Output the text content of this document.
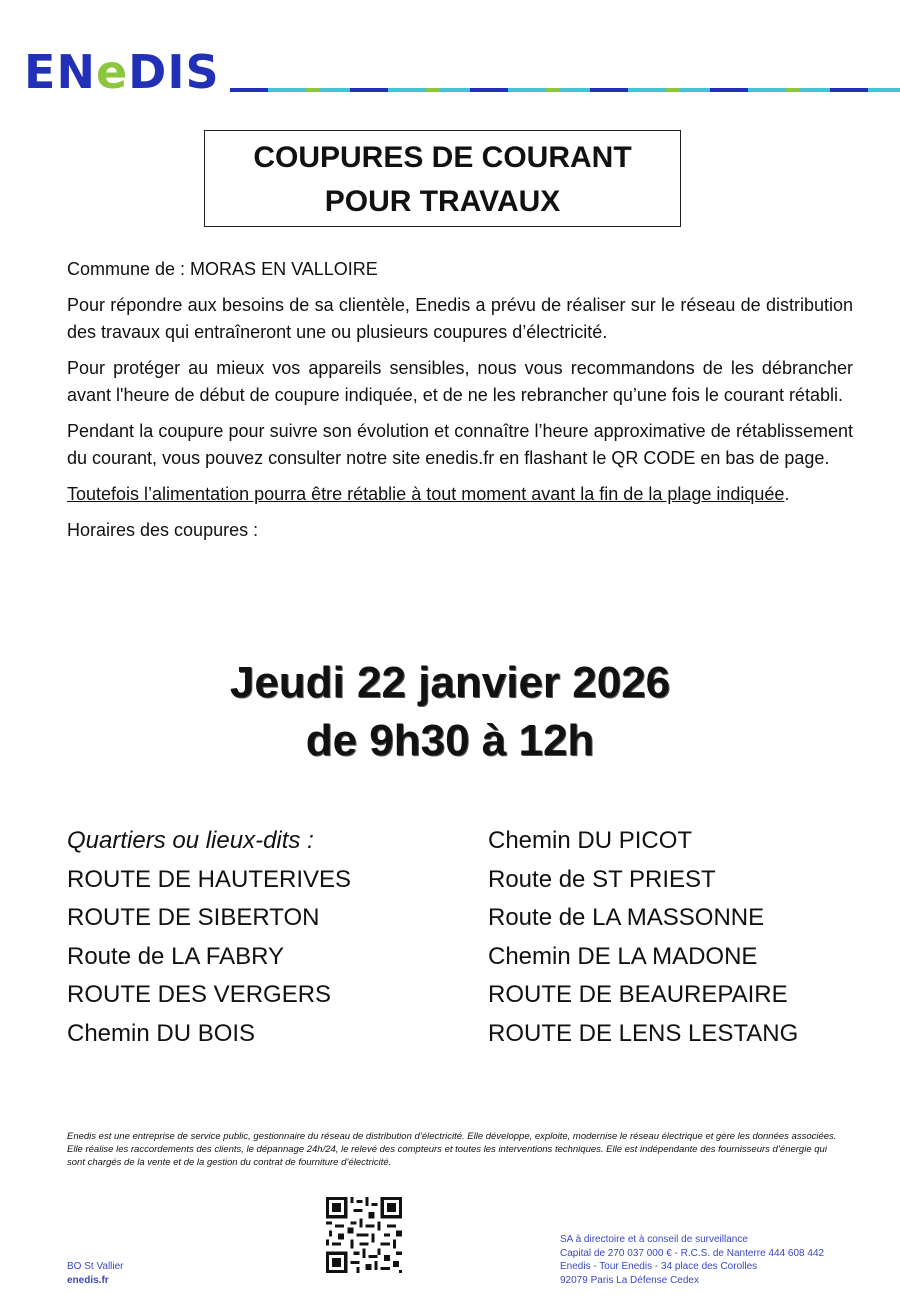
ENeDIS
COUPURES DE COURANT
POUR TRAVAUX

Commune de : MORAS EN VALLOIRE

Pour répondre aux besoins de sa clientèle, Enedis a prévu de réaliser sur le réseau de distribution des travaux qui entraîneront une ou plusieurs coupures d’électricité.

Pour protéger au mieux vos appareils sensibles, nous vous recommandons de les débrancher avant l'heure de début de coupure indiquée, et de ne les rebrancher qu’une fois le courant rétabli.

Pendant la coupure pour suivre son évolution et connaître l’heure approximative de rétablissement du courant, vous pouvez consulter notre site enedis.fr en flashant le QR CODE en bas de page.

Toutefois l’alimentation pourra être rétablie à tout moment avant la fin de la plage indiquée.

Horaires des coupures :

Jeudi 22 janvier 2026
de 9h30 à 12h
Quartiers ou lieux-dits :
ROUTE DE HAUTERIVES
ROUTE DE SIBERTON
Route de LA FABRY
ROUTE DES VERGERS
Chemin DU BOIS
Chemin DU PICOT
Route de ST PRIEST
Route de LA MASSONNE
Chemin DE LA MADONE
ROUTE DE BEAUREPAIRE
ROUTE DE LENS LESTANG
Enedis est une entreprise de service public, gestionnaire du réseau de distribution d’électricité. Elle développe, exploite, modernise le réseau électrique et gère les données associées. Elle réalise les raccordements des clients, le dépannage 24h/24, le relevé des compteurs et toutes les interventions techniques. Elle est indépendante des fournisseurs d’énergie qui sont chargés de la vente et de la gestion du contrat de fourniture d’électricité.
BO St Vallier
enedis.fr
SA à directoire et à conseil de surveillance
Capital de 270 037 000 € - R.C.S. de Nanterre 444 608 442
Enedis - Tour Enedis - 34 place des Corolles
92079 Paris La Défense Cedex
